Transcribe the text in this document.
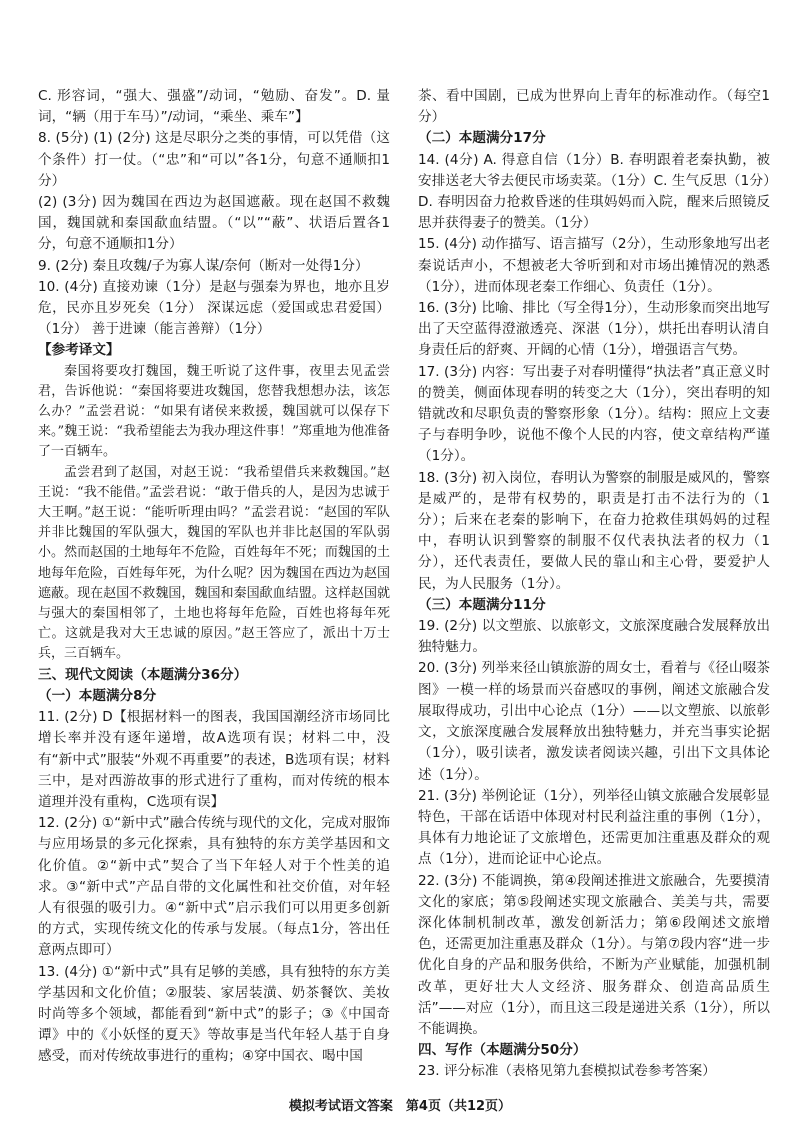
C. 形容词，“强大、强盛”/动词，“勉励、奋发”。D. 量词，“辆（用于车马）”/动词，“乘坐、乘车”】

8. (5分) (1) (2分) 这是尽职分之类的事情，可以凭借（这个条件）打一仗。（“忠”和“可以”各1分，句意不通顺扣1分）

(2) (3分) 因为魏国在西边为赵国遮蔽。现在赵国不救魏国，魏国就和秦国歃血结盟。（“以”“蔽”、状语后置各1分，句意不通顺扣1分）

9. (2分) 秦且攻魏/子为寡人谋/奈何（断对一处得1分）

10. (4分) 直接劝谏（1分）是赵与强秦为界也，地亦且岁危，民亦且岁死矣（1分） 深谋远虑（爱国或忠君爱国）（1分） 善于进谏（能言善辩）（1分）

【参考译文】

秦国将要攻打魏国，魏王听说了这件事，夜里去见孟尝君，告诉他说：“秦国将要进攻魏国，您替我想想办法，该怎么办？”孟尝君说：“如果有诸侯来救援，魏国就可以保存下来。”魏王说：“我希望能去为我办理这件事！”郑重地为他准备了一百辆车。

孟尝君到了赵国，对赵王说：“我希望借兵来救魏国。”赵王说：“我不能借。”孟尝君说：“敢于借兵的人，是因为忠诚于大王啊。”赵王说：“能听听理由吗？”孟尝君说：“赵国的军队并非比魏国的军队强大，魏国的军队也并非比赵国的军队弱小。然而赵国的土地每年不危险，百姓每年不死；而魏国的土地每年危险，百姓每年死，为什么呢？因为魏国在西边为赵国遮蔽。现在赵国不救魏国，魏国和秦国歃血结盟。这样赵国就与强大的秦国相邻了，土地也将每年危险，百姓也将每年死亡。这就是我对大王忠诚的原因。”赵王答应了，派出十万士兵，三百辆车。

三、现代文阅读（本题满分36分）

（一）本题满分8分

11. (2分) D【根据材料一的图表，我国国潮经济市场同比增长率并没有逐年递增，故A选项有误；材料二中，没有“新中式”服装“外观不再重要”的表述，B选项有误；材料三中，是对西游故事的形式进行了重构，而对传统的根本道理并没有重构，C选项有误】

12. (2分) ①“新中式”融合传统与现代的文化，完成对服饰与应用场景的多元化探索，具有独特的东方美学基因和文化价值。②“新中式”契合了当下年轻人对于个性美的追求。③“新中式”产品自带的文化属性和社交价值，对年轻人有很强的吸引力。④“新中式”启示我们可以用更多创新的方式，实现传统文化的传承与发展。（每点1分，答出任意两点即可）

13. (4分) ①“新中式”具有足够的美感，具有独特的东方美学基因和文化价值；②服装、家居装潢、奶茶餐饮、美妆时尚等多个领域，都能看到“新中式”的影子；③《中国奇谭》中的《小妖怪的夏天》等故事是当代年轻人基于自身感受，而对传统故事进行的重构；④穿中国衣、喝中国

茶、看中国剧，已成为世界向上青年的标准动作。（每空1分）

（二）本题满分17分

14. (4分) A. 得意自信（1分）B. 春明跟着老秦执勤，被安排送老大爷去便民市场卖菜。（1分）C. 生气反思（1分）D. 春明因奋力抢救昏迷的佳琪妈妈而入院，醒来后照镜反思并获得妻子的赞美。（1分）

15. (4分) 动作描写、语言描写（2分），生动形象地写出老秦说话声小，不想被老大爷听到和对市场出摊情况的熟悉（1分），进而体现老秦工作细心、负责任（1分）。

16. (3分) 比喻、排比（写全得1分），生动形象而突出地写出了天空蓝得澄澈透亮、深湛（1分），烘托出春明认清自身责任后的舒爽、开阔的心情（1分），增强语言气势。

17. (3分) 内容：写出妻子对春明懂得“执法者”真正意义时的赞美，侧面体现春明的转变之大（1分），突出春明的知错就改和尽职负责的警察形象（1分）。结构：照应上文妻子与春明争吵，说他不像个人民的内容，使文章结构严谨（1分）。

18. (3分) 初入岗位，春明认为警察的制服是威风的，警察是威严的，是带有权势的，职责是打击不法行为的（1分）；后来在老秦的影响下，在奋力抢救佳琪妈妈的过程中，春明认识到警察的制服不仅代表执法者的权力（1分），还代表责任，要做人民的靠山和主心骨，要爱护人民，为人民服务（1分）。

（三）本题满分11分

19. (2分) 以文塑旅、以旅彰文，文旅深度融合发展释放出独特魅力。

20. (3分) 列举来径山镇旅游的周女士，看着与《径山啜茶图》一模一样的场景而兴奋感叹的事例，阐述文旅融合发展取得成功，引出中心论点（1分）——以文塑旅、以旅彰文，文旅深度融合发展释放出独特魅力，并充当事实论据（1分），吸引读者，激发读者阅读兴趣，引出下文具体论述（1分）。

21. (3分) 举例论证（1分），列举径山镇文旅融合发展彰显特色，干部在话语中体现对村民利益注重的事例（1分），具体有力地论证了文旅增色，还需更加注重惠及群众的观点（1分），进而论证中心论点。

22. (3分) 不能调换，第④段阐述推进文旅融合，先要摸清文化的家底；第⑤段阐述实现文旅融合、美美与共，需要深化体制机制改革，激发创新活力；第⑥段阐述文旅增色，还需更加注重惠及群众（1分）。与第⑦段内容“进一步优化自身的产品和服务供给，不断为产业赋能，加强机制改革，更好壮大人文经济、服务群众、创造高品质生活”——对应（1分），而且这三段是递进关系（1分），所以不能调换。

四、写作（本题满分50分）

23. 评分标准（表格见第九套模拟试卷参考答案）

模拟考试语文答案　第4页（共12页）
